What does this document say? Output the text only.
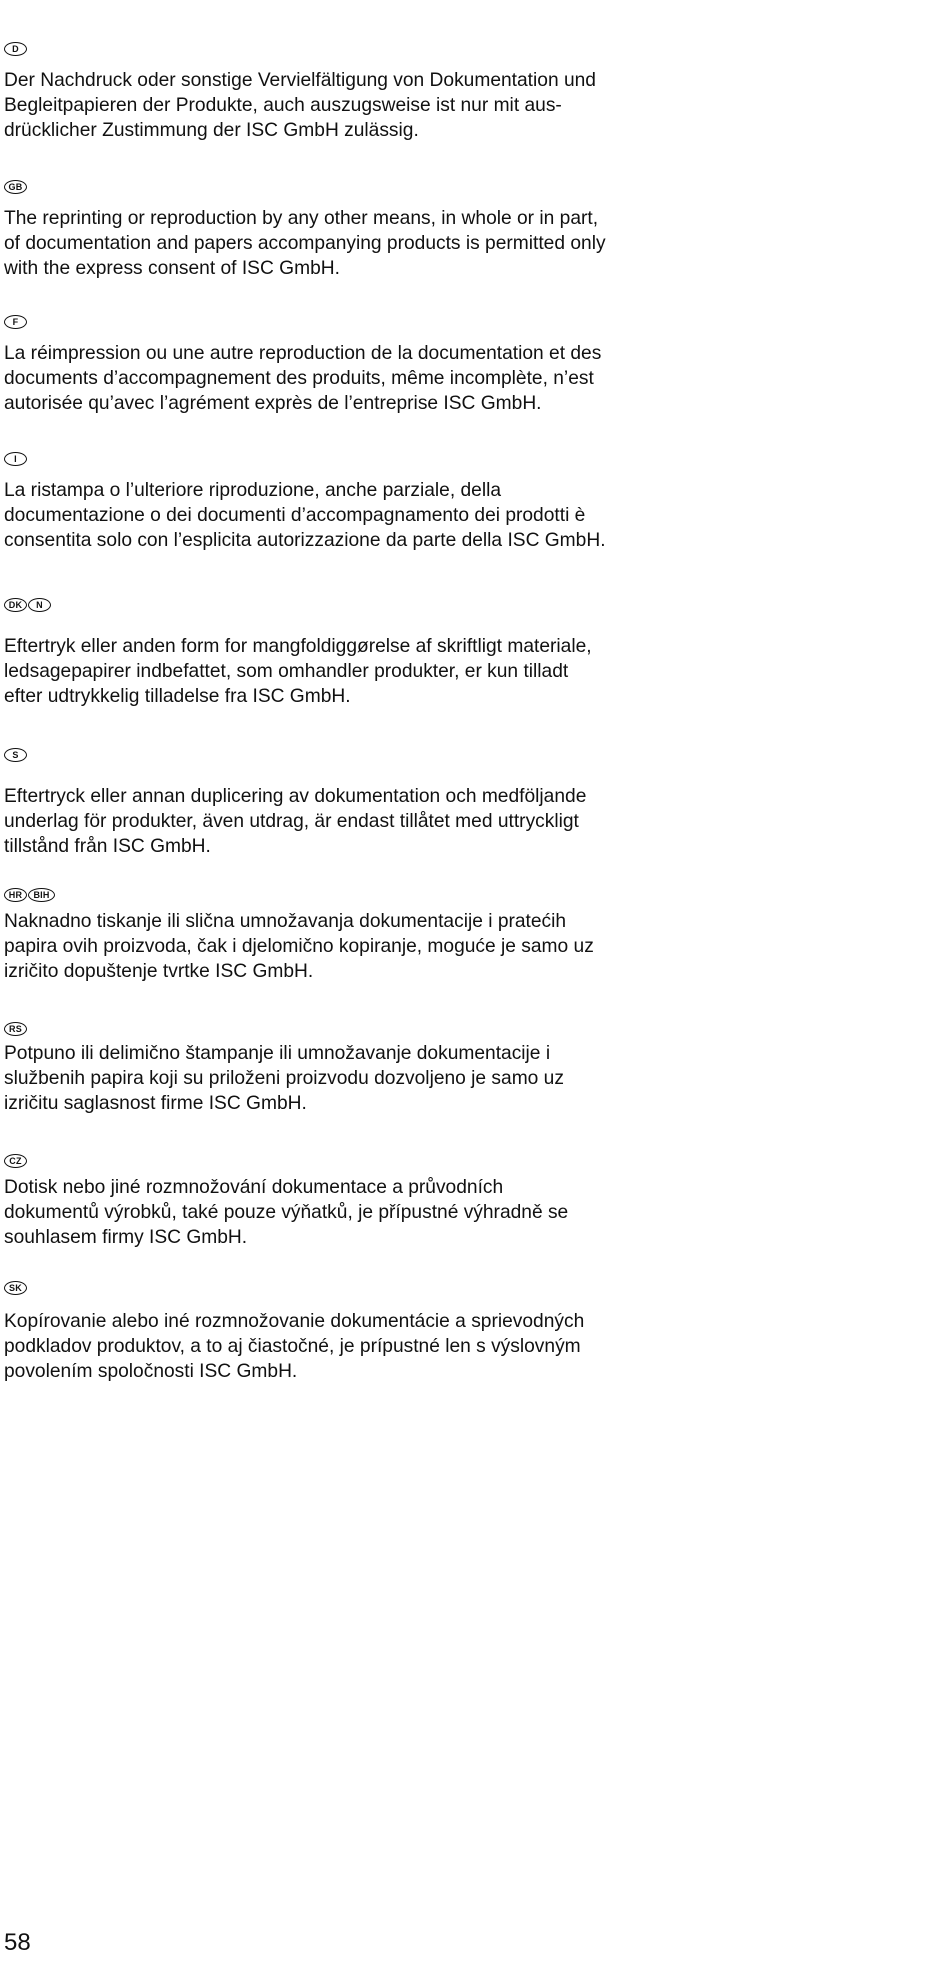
D

Der Nachdruck oder sonstige Vervielfältigung von Dokumentation und
Begleitpapieren der Produkte, auch auszugsweise ist nur mit aus-
drücklicher Zustimmung der ISC GmbH zulässig.

GB

The reprinting or reproduction by any other means, in whole or in part,
of documentation and papers accompanying products is permitted only
with the express consent of ISC GmbH.

F

La réimpression ou une autre reproduction de la documentation et des
documents d’accompagnement des produits, même incomplète, n’est
autorisée qu’avec l’agrément exprès de l’entreprise ISC GmbH.

I

La ristampa o l’ulteriore riproduzione, anche parziale, della
documentazione o dei documenti d’accompagnamento dei prodotti è
consentita solo con l’esplicita autorizzazione da parte della ISC GmbH.

DK	N

Eftertryk eller anden form for mangfoldiggørelse af skriftligt materiale,
ledsagepapirer indbefattet, som omhandler produkter, er kun tilladt
efter udtrykkelig tilladelse fra ISC GmbH.

S

Eftertryck eller annan duplicering av dokumentation och medföljande
underlag för produkter, även utdrag, är endast tillåtet med uttryckligt
tillstånd från ISC GmbH.

HR	BIH

Naknadno tiskanje ili slična umnožavanja dokumentacije i pratećih
papira ovih proizvoda, čak i djelomično kopiranje, moguće je samo uz
izričito dopuštenje tvrtke ISC GmbH.

RS

Potpuno ili delimično štampanje ili umnožavanje dokumentacije i
službenih papira koji su priloženi proizvodu dozvoljeno je samo uz
izričitu saglasnost firme ISC GmbH.

CZ

Dotisk nebo jiné rozmnožování dokumentace a průvodních
dokumentů výrobků, také pouze výňatků, je přípustné výhradně se
souhlasem firmy ISC GmbH.

SK

Kopírovanie alebo iné rozmnožovanie dokumentácie a sprievodných
podkladov produktov, a to aj čiastočné, je prípustné len s výslovným
povolením spoločnosti ISC GmbH.

58
